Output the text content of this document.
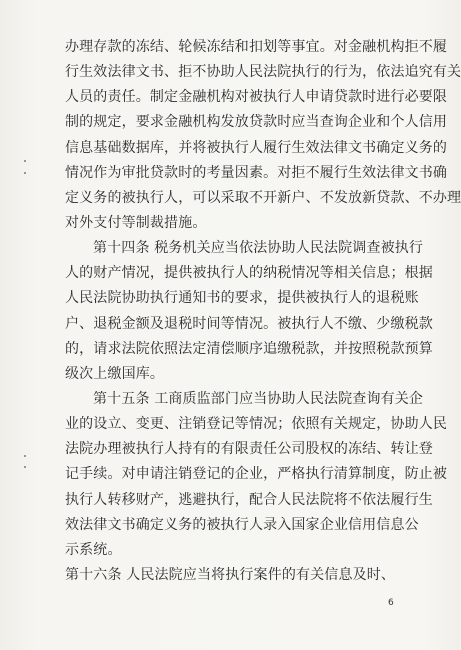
办理存款的冻结、轮候冻结和扣划等事宜。对金融机构拒不履
行生效法律文书、拒不协助人民法院执行的行为，依法追究有关
人员的责任。制定金融机构对被执行人申请贷款时进行必要限
制的规定，要求金融机构发放贷款时应当查询企业和个人信用
信息基础数据库，并将被执行人履行生效法律文书确定义务的
情况作为审批贷款时的考量因素。对拒不履行生效法律文书确
定义务的被执行人，可以采取不开新户、不发放新贷款、不办理
对外支付等制裁措施。
第十四条 税务机关应当依法协助人民法院调查被执行
人的财产情况，提供被执行人的纳税情况等相关信息；根据
人民法院协助执行通知书的要求，提供被执行人的退税账
户、退税金额及退税时间等情况。被执行人不缴、少缴税款
的，请求法院依照法定清偿顺序追缴税款，并按照税款预算
级次上缴国库。
第十五条 工商质监部门应当协助人民法院查询有关企
业的设立、变更、注销登记等情况；依照有关规定，协助人民
法院办理被执行人持有的有限责任公司股权的冻结、转让登
记手续。对申请注销登记的企业，严格执行清算制度，防止被
执行人转移财产，逃避执行，配合人民法院将不依法履行生
效法律文书确定义务的被执行人录入国家企业信用信息公
示系统。
第十六条 人民法院应当将执行案件的有关信息及时、
6
